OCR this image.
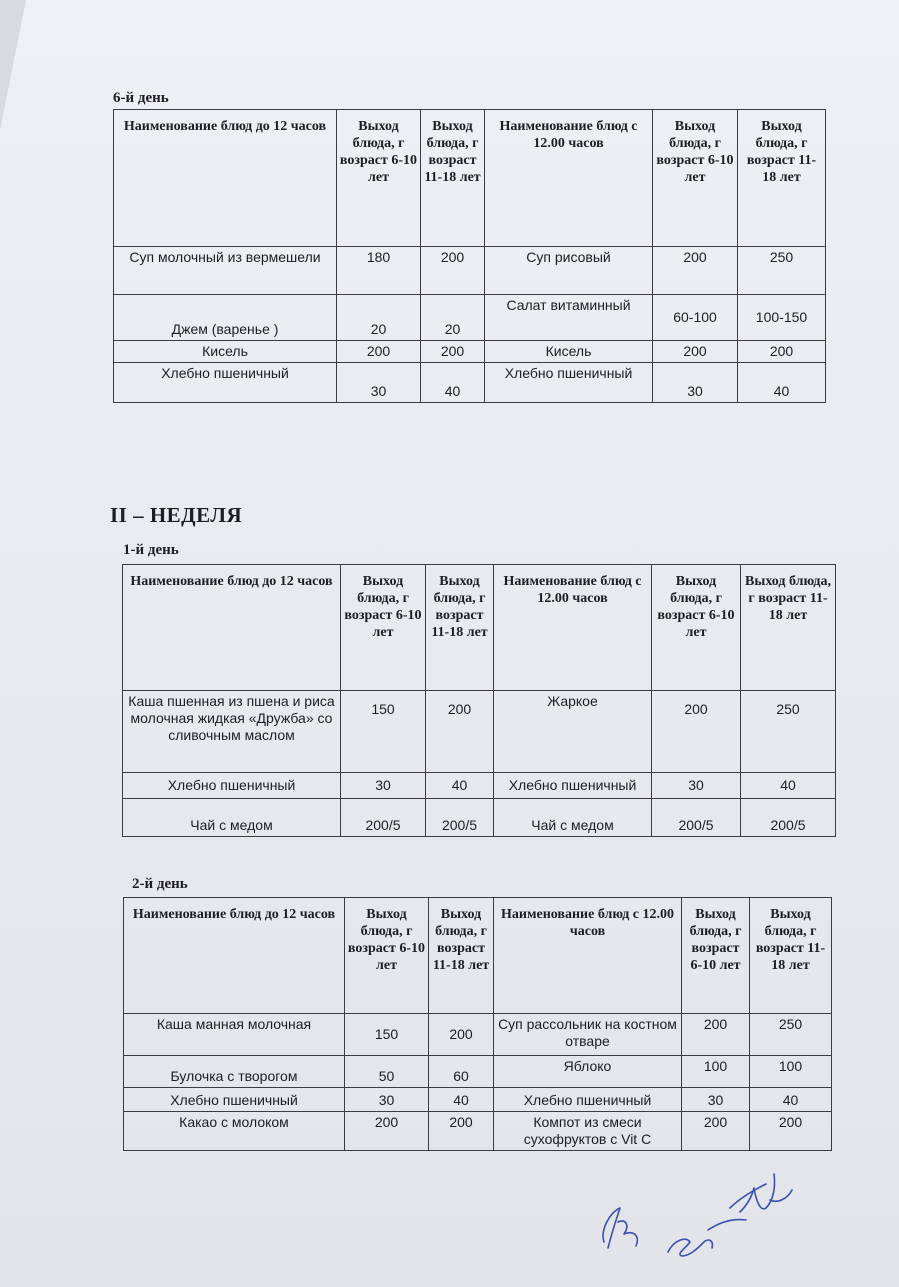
6-й день
Наименование блюд до 12 часов	Выход блюда, г возраст 6-10 лет	Выход блюда, г возраст 11-18 лет	Наименование блюд с 12.00 часов	Выход блюда, г возраст 6-10 лет	Выход блюда, г возраст 11-18 лет
Суп молочный из вермешели	180	200	Суп рисовый	200	250
Джем (варенье )	20	20	Салат витаминный	60-100	100-150
Кисель	200	200	Кисель	200	200
Хлебно пшеничный	30	40	Хлебно пшеничный	30	40
II – НЕДЕЛЯ
1-й день
Наименование блюд до 12 часов	Выход блюда, г возраст 6-10 лет	Выход блюда, г возраст 11-18 лет	Наименование блюд с 12.00 часов	Выход блюда, г возраст 6-10 лет	Выход блюда, г возраст 11-18 лет
Каша пшенная из пшена и риса молочная жидкая «Дружба» со сливочным маслом	150	200	Жаркое	200	250
Хлебно пшеничный	30	40	Хлебно пшеничный	30	40
Чай с медом	200/5	200/5	Чай с медом	200/5	200/5
2-й день
Наименование блюд до 12 часов	Выход блюда, г возраст 6-10 лет	Выход блюда, г возраст 11-18 лет	Наименование блюд с 12.00 часов	Выход блюда, г возраст 6-10 лет	Выход блюда, г возраст 11-18 лет
Каша манная молочная	150	200	Суп рассольник на костном отваре	200	250
Булочка с творогом	50	60	Яблоко	100	100
Хлебно пшеничный	30	40	Хлебно пшеничный	30	40
Какао с молоком	200	200	Компот из смеси сухофруктов с Vit C	200	200
